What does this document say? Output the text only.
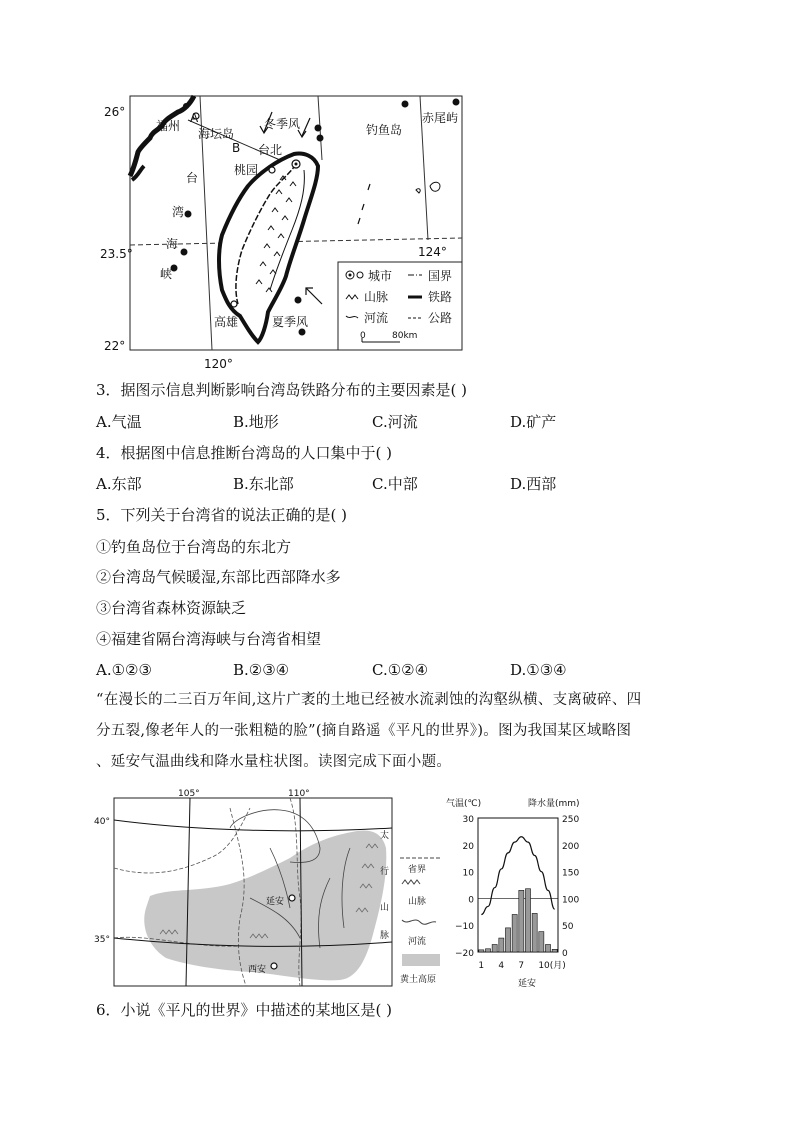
26°
23.5°
22°
120°
124°
福州
A
B
海坛岛
冬季风
夏季风
台北
桃园
高雄
钓鱼岛
赤尾屿
台
湾
海
峡	城市	国界
山脉	铁路
河流	公路
0	80km
3．据图示信息判断影响台湾岛铁路分布的主要因素是( )
A.气温	B.地形	C.河流	D.矿产
4．根据图中信息推断台湾岛的人口集中于( )
A.东部	B.东北部	C.中部	D.西部
5．下列关于台湾省的说法正确的是( )
①钓鱼岛位于台湾岛的东北方
②台湾岛气候暖湿,东部比西部降水多
③台湾省森林资源缺乏
④福建省隔台湾海峡与台湾省相望
A.①②③	B.②③④	C.①②④	D.①③④
“在漫长的二三百万年间,这片广袤的土地已经被水流剥蚀的沟壑纵横、支离破碎、四
分五裂,像老年人的一张粗糙的脸”(摘自路遥《平凡的世界》)。图为我国某区域略图
、延安气温曲线和降水量柱状图。读图完成下面小题。
105°	110°
40°
35°
延安
西安
太
行
山
脉
省界
山脉
河流
黄土高原
气温(℃)	降水量(mm)
30
20
10
0
−10
−20
250
200
150
100
50
0
1 4 7 10(月)
延安
6．小说《平凡的世界》中描述的某地区是( )
